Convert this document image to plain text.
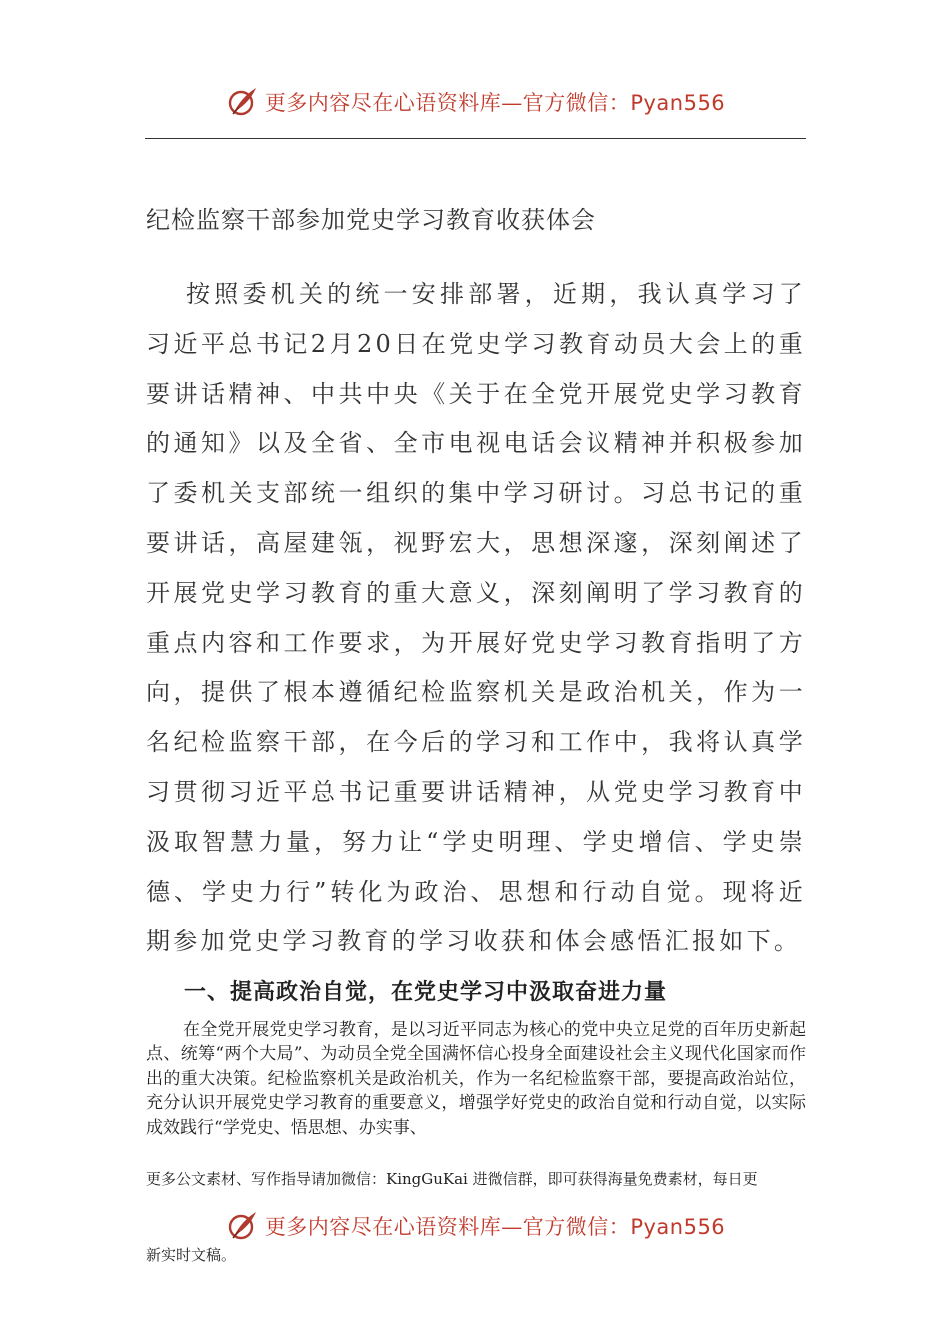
更多内容尽在心语资料库—官方微信：Pyan556
纪检监察干部参加党史学习教育收获体会

按照委机关的统一安排部署，近期，我认真学习了习近平总书记2月20日在党史学习教育动员大会上的重要讲话精神、中共中央《关于在全党开展党史学习教育的通知》以及全省、全市电视电话会议精神并积极参加了委机关支部统一组织的集中学习研讨。习总书记的重要讲话，高屋建瓴，视野宏大，思想深邃，深刻阐述了开展党史学习教育的重大意义，深刻阐明了学习教育的重点内容和工作要求，为开展好党史学习教育指明了方向，提供了根本遵循纪检监察机关是政治机关，作为一名纪检监察干部，在今后的学习和工作中，我将认真学习贯彻习近平总书记重要讲话精神，从党史学习教育中汲取智慧力量，努力让“学史明理、学史增信、学史崇德、学史力行”转化为政治、思想和行动自觉。现将近期参加党史学习教育的学习收获和体会感悟汇报如下。

一、提高政治自觉，在党史学习中汲取奋进力量

在全党开展党史学习教育，是以习近平同志为核心的党中央立足党的百年历史新起点、统筹“两个大局”、为动员全党全国满怀信心投身全面建设社会主义现代化国家而作出的重大决策。纪检监察机关是政治机关，作为一名纪检监察干部，要提高政治站位，充分认识开展党史学习教育的重要意义，增强学好党史的政治自觉和行动自觉，以实际成效践行“学党史、悟思想、办实事、

更多公文素材、写作指导请加微信：KingGuKai 进微信群，即可获得海量免费素材，每日更
新实时文稿。
更多内容尽在心语资料库—官方微信：Pyan556
